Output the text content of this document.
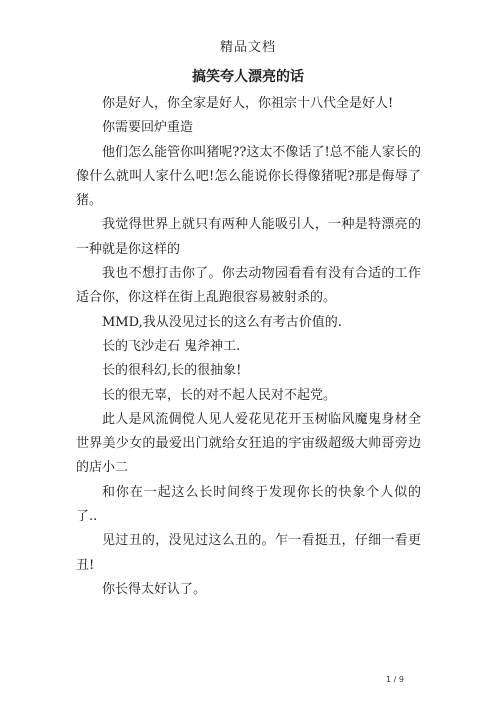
精品文档
搞笑夸人漂亮的话

你是好人，你全家是好人，你祖宗十八代全是好人!

你需要回炉重造

他们怎么能管你叫猪呢??这太不像话了!总不能人家长的像什么就叫人家什么吧!怎么能说你长得像猪呢?那是侮辱了猪。

我觉得世界上就只有两种人能吸引人，一种是特漂亮的一种就是你这样的

我也不想打击你了。你去动物园看看有没有合适的工作适合你，你这样在街上乱跑很容易被射杀的。

MMD,我从没见过长的这么有考古价值的.

长的飞沙走石 鬼斧神工.

长的很科幻,长的很抽象!

长的很无辜，长的对不起人民对不起党。

此人是风流倜傥人见人爱花见花开玉树临风魔鬼身材全世界美少女的最爱出门就给女狂追的宇宙级超级大帅哥旁边的店小二

和你在一起这么长时间终于发现你长的快象个人似的了..

见过丑的，没见过这么丑的。乍一看挺丑，仔细一看更丑!

你长得太好认了。

1 / 9
